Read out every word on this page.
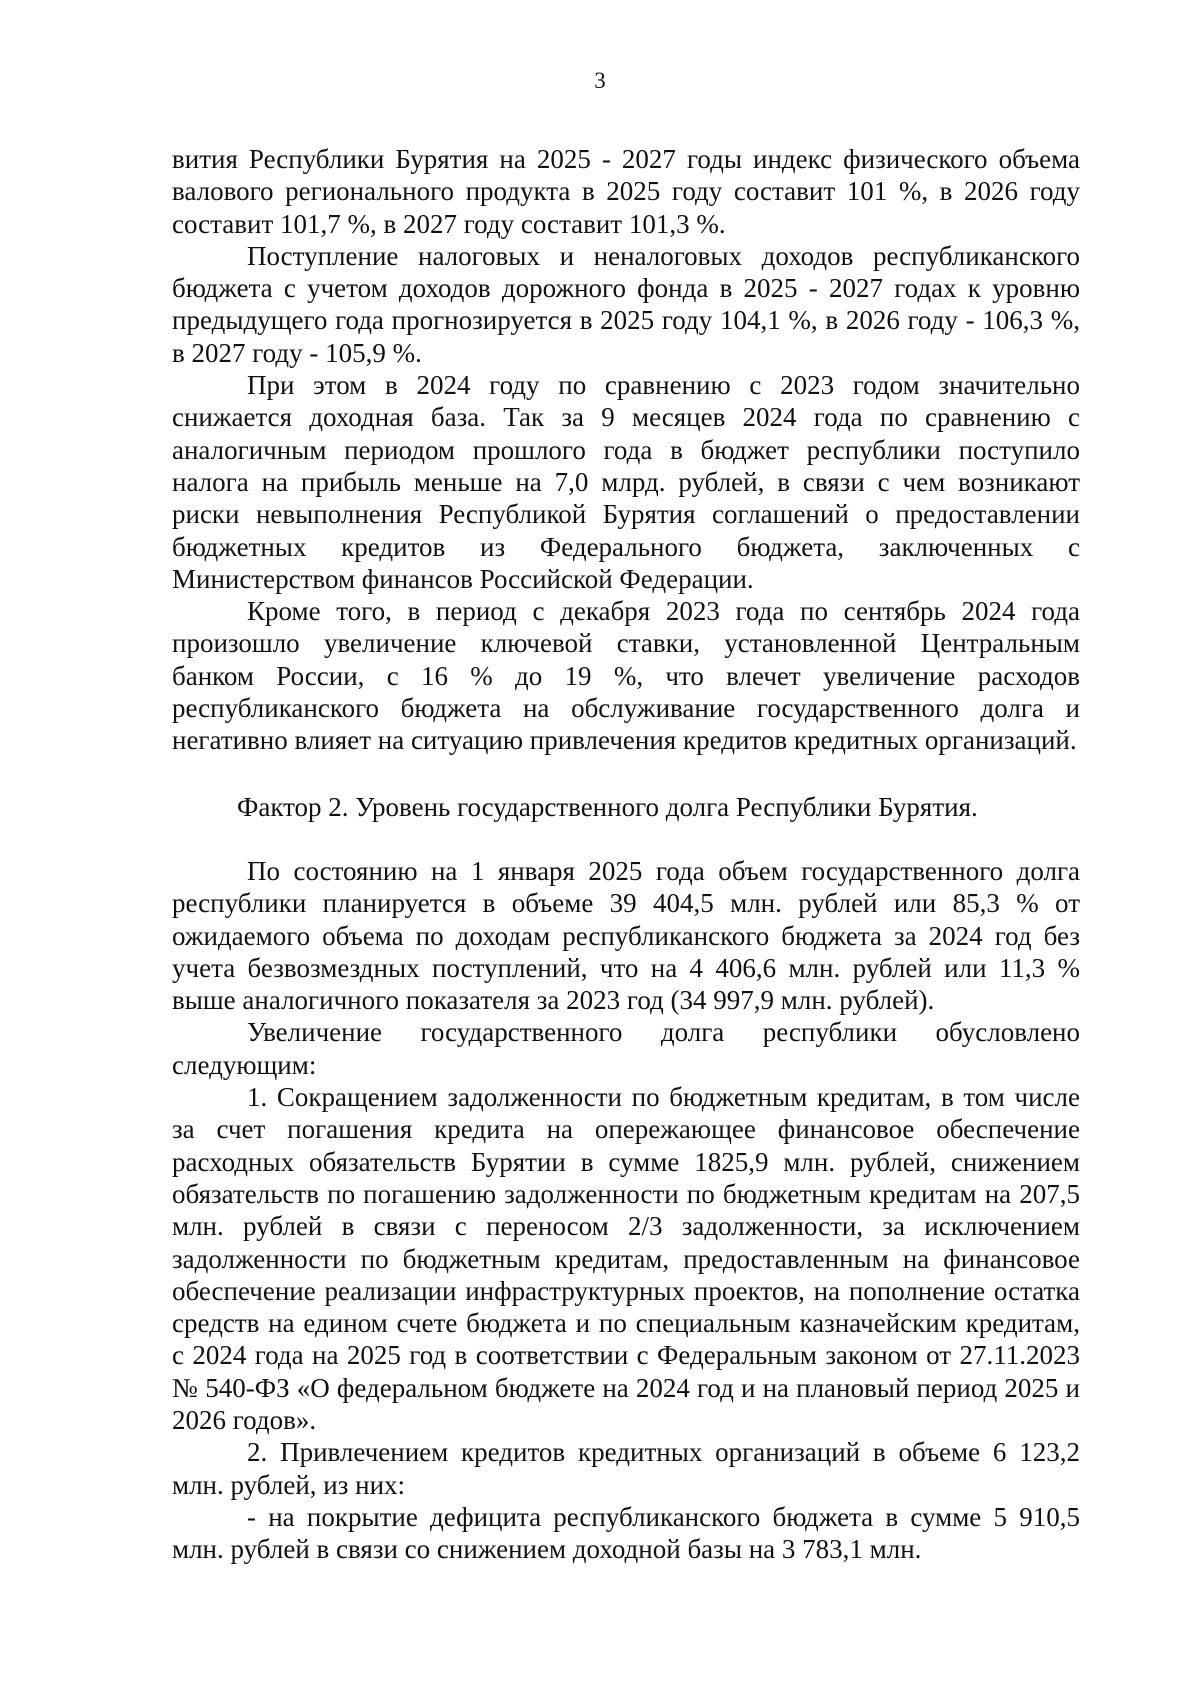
3

вития Республики Бурятия на 2025 - 2027 годы индекс физического объема валового регионального продукта в 2025 году составит 101 %, в 2026 году составит 101,7 %, в 2027 году составит 101,3 %.

Поступление налоговых и неналоговых доходов республиканского бюджета с учетом доходов дорожного фонда в 2025 - 2027 годах к уровню предыдущего года прогнозируется в 2025 году 104,1 %, в 2026 году - 106,3 %, в 2027 году - 105,9 %.

При этом в 2024 году по сравнению с 2023 годом значительно снижается доходная база. Так за 9 месяцев 2024 года по сравнению с аналогичным периодом прошлого года в бюджет республики поступило налога на прибыль меньше на 7,0 млрд. рублей, в связи с чем возникают риски невыполнения Республикой Бурятия соглашений о предоставлении бюджетных кредитов из Федерального бюджета, заключенных с Министерством финансов Российской Федерации.

Кроме того, в период с декабря 2023 года по сентябрь 2024 года произошло увеличение ключевой ставки, установленной Центральным банком России, с 16 % до 19 %, что влечет увеличение расходов республиканского бюджета на обслуживание государственного долга и негативно влияет на ситуацию привлечения кредитов кредитных организаций.

Фактор 2. Уровень государственного долга Республики Бурятия.

По состоянию на 1 января 2025 года объем государственного долга республики планируется в объеме 39 404,5 млн. рублей или 85,3 % от ожидаемого объема по доходам республиканского бюджета за 2024 год без учета безвозмездных поступлений, что на 4 406,6 млн. рублей или 11,3 % выше аналогичного показателя за 2023 год (34 997,9 млн. рублей).

Увеличение государственного долга республики обусловлено следующим:

1. Сокращением задолженности по бюджетным кредитам, в том числе за счет погашения кредита на опережающее финансовое обеспечение расходных обязательств Бурятии в сумме 1825,9 млн. рублей, снижением обязательств по погашению задолженности по бюджетным кредитам на 207,5 млн. рублей в связи с переносом 2/3 задолженности, за исключением задолженности по бюджетным кредитам, предоставленным на финансовое обеспечение реализации инфраструктурных проектов, на пополнение остатка средств на едином счете бюджета и по специальным казначейским кредитам, с 2024 года на 2025 год в соответствии с Федеральным законом от 27.11.2023 № 540-ФЗ «О федеральном бюджете на 2024 год и на плановый период 2025 и 2026 годов».

2. Привлечением кредитов кредитных организаций в объеме 6 123,2 млн. рублей, из них:

- на покрытие дефицита республиканского бюджета в сумме 5 910,5 млн. рублей в связи со снижением доходной базы на 3 783,1 млн.
